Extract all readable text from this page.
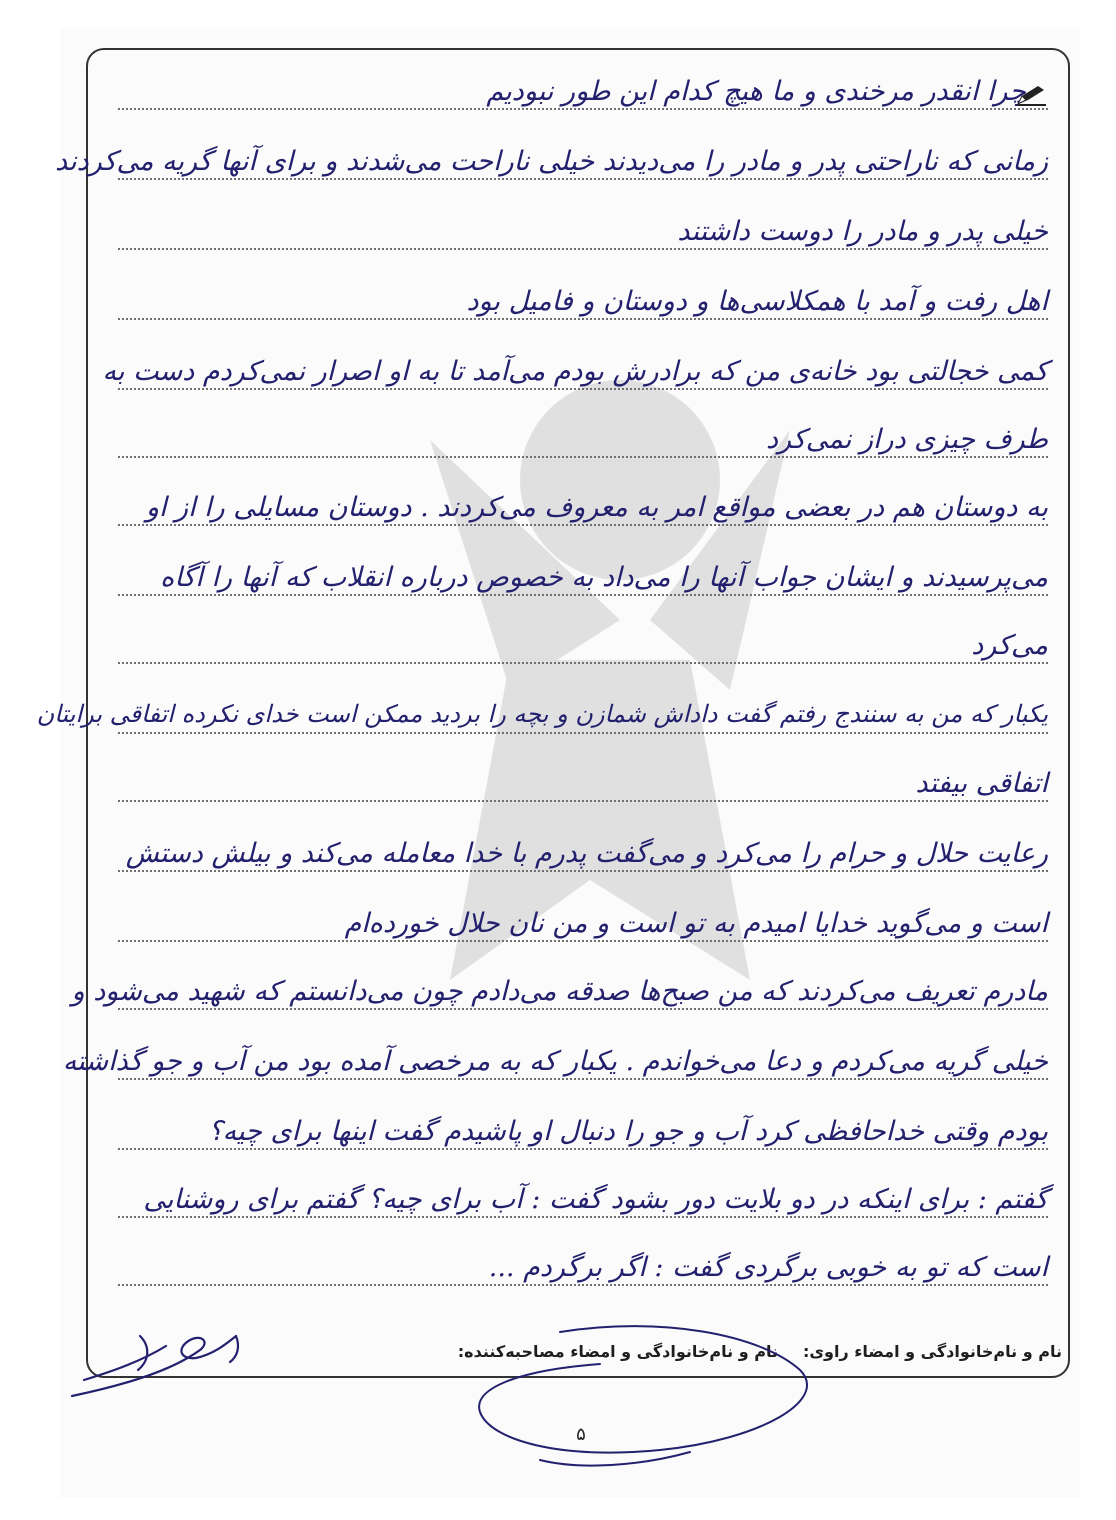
چرا انقدر مرخندی و ما هیچ کدام این طور نبودیم
زمانی که ناراحتی پدر و مادر را می‌دیدند خیلی ناراحت می‌شدند و برای آنها گریه می‌کردند
خیلی پدر و مادر را دوست داشتند
اهل رفت و آمد با همکلاسی‌ها و دوستان و فامیل بود
کمی خجالتی بود خانه‌ی من که برادرش بودم می‌آمد تا به او اصرار نمی‌کردم دست به
طرف چیزی دراز نمی‌کرد
به دوستان هم در بعضی مواقع امر به معروف می‌کردند . دوستان مسایلی را از او
می‌پرسیدند و ایشان جواب آنها را می‌داد به خصوص درباره انقلاب که آنها را آگاه
می‌کرد
یکبار که من به سنندج رفتم گفت داداش شمازن و بچه را بردید ممکن است خدای نکرده اتفاقی برایتان
اتفاقی بیفتد
رعایت حلال و حرام را می‌کرد و می‌گفت پدرم با خدا معامله می‌کند و بیلش دستش
است و می‌گوید خدایا امیدم به تو است و من نان حلال خورده‌ام
مادرم تعریف می‌کردند که من صبح‌ها صدقه می‌دادم چون می‌دانستم که شهید می‌شود و
خیلی گریه می‌کردم و دعا می‌خواندم . یکبار که به مرخصی آمده بود من آب و جو گذاشته
بودم وقتی خداحافظی کرد آب و جو را دنبال او پاشیدم گفت اینها برای چیه؟
گفتم : برای اینکه در دو بلایت دور بشود گفت : آب برای چیه؟ گفتم برای روشنایی
است که تو به خوبی برگردی گفت : اگر برگردم ...
نام و نام‌خانوادگی و امضاء راوی:
نام و نام‌خانوادگی و امضاء مصاحبه‌کننده:
۵
